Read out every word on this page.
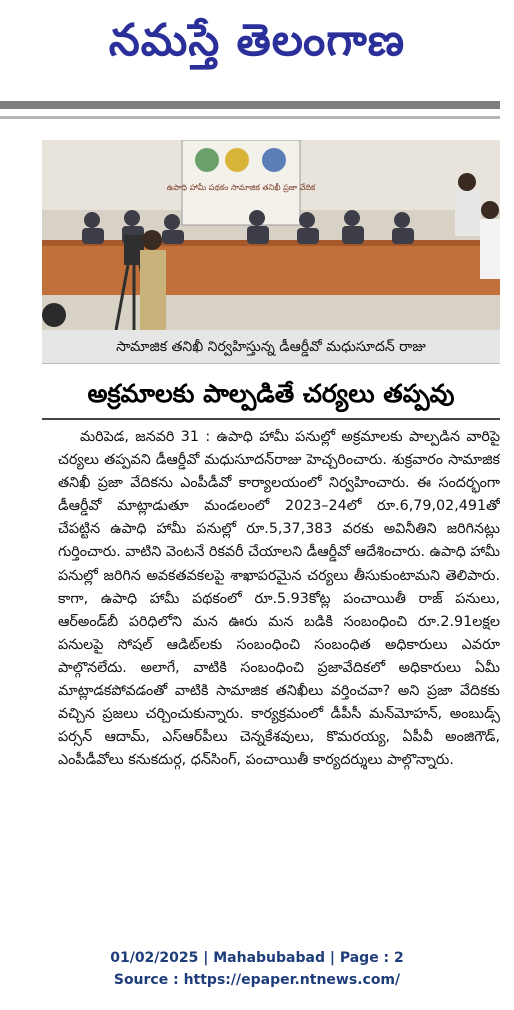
నమస్తే తెలంగాణ
ఉపాధి హామీ పథకం సామాజిక తనిఖీ ప్రజా వేదిక
సామాజిక తనిఖీ నిర్వహిస్తున్న డీఆర్డీవో మధుసూదన్ రాజు
అక్రమాలకు పాల్పడితే చర్యలు తప్పవు
మరిపెడ, జనవరి 31 : ఉపాధి హామీ పనుల్లో అక్రమాలకు పాల్పడిన వారిపై చర్యలు తప్పవని డీఆర్డీవో మధుసూదన్‌రాజు హెచ్చరించారు. శుక్రవారం సామాజిక తనిఖీ ప్రజా వేదికను ఎంపీడీవో కార్యాలయంలో నిర్వహించారు. ఈ సందర్భంగా డీఆర్డీవో మాట్లాడుతూ మండలంలో 2023–24లో రూ.6,79,02,491తో చేపట్టిన ఉపాధి హామీ పనుల్లో రూ.5,37,383 వరకు అవినీతిని జరిగినట్లు గుర్తించారు. వాటిని వెంటనే రికవరీ చేయాలని డీఆర్డీవో ఆదేశించారు. ఉపాధి హామీ పనుల్లో జరిగిన అవకతవకలపై శాఖాపరమైన చర్యలు తీసుకుంటామని తెలిపారు. కాగా, ఉపాధి హామీ పథకంలో రూ.5.93కోట్ల పంచాయితీ రాజ్ పనులు, ఆర్అండ్‌బీ పరిధిలోని మన ఊరు మన బడికి సంబంధించి రూ.2.91లక్షల పనులపై సోషల్ ఆడిట్‌లకు సంబంధించి సంబంధిత అధికారులు ఎవరూ పాల్గొనలేదు. అలాగే, వాటికి సంబంధించి ప్రజావేదికలో అధికారులు ఏమీ మాట్లాడకపోవడంతో వాటికి సామాజిక తనిఖీలు వర్తించవా? అని ప్రజా వేదికకు వచ్చిన ప్రజలు చర్చించుకున్నారు. కార్యక్రమంలో డీపీసీ మన్‌మోహన్, అంబుడ్స్ పర్సన్ ఆదామ్, ఎస్ఆర్‌పీలు చెన్నకేశవులు, కొమరయ్య, ఏపీవీ అంజిగౌడ్, ఎంపీడీవోలు కనుకదుర్గ, ధన్‌సింగ్, పంచాయితీ కార్యదర్శులు పాల్గొన్నారు.
01/02/2025 | Mahabubabad | Page : 2
Source : https://epaper.ntnews.com/
